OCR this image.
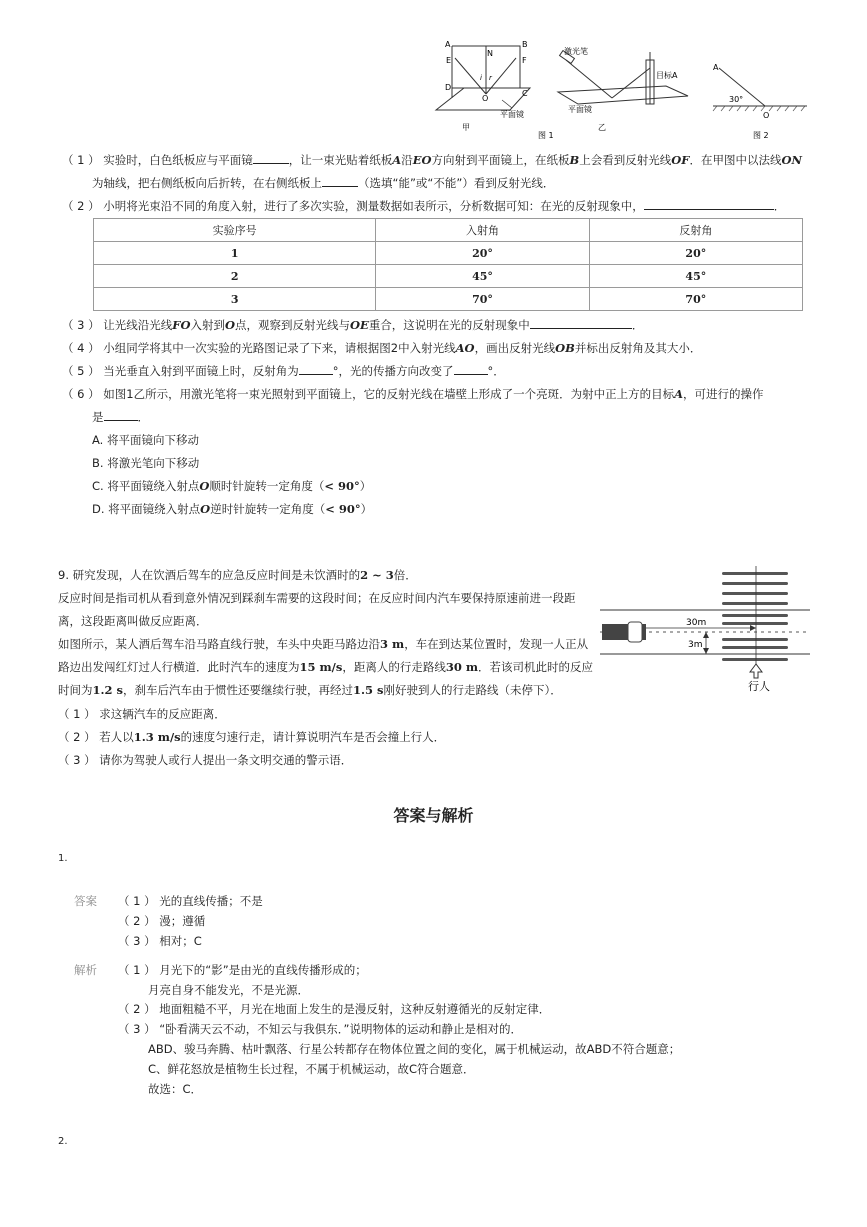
A	B
E	F
N
D
C
O
i r
平面镜
甲
激光笔
目标A
平面镜
图 1
乙
A
30°
O
图 2
（ 1 ） 实验时，白色纸板应与平面镜	，让一束光贴着纸板A沿EO方向射到平面镜上，在纸板B上会看到反射光线OF．在甲图中以法线ON
为轴线，把右侧纸板向后折转，在右侧纸板上	（选填“能”或“不能”）看到反射光线．
（ 2 ） 小明将光束沿不同的角度入射，进行了多次实验，测量数据如表所示，分析数据可知：在光的反射现象中，	．
实验序号	入射角	反射角
1	20°	20°
2	45°	45°
3	70°	70°
（ 3 ） 让光线沿光线FO入射到O点，观察到反射光线与OE重合，这说明在光的反射现象中	．
（ 4 ） 小组同学将其中一次实验的光路图记录了下来，请根据图2中入射光线AO，画出反射光线OB并标出反射角及其大小．
（ 5 ） 当光垂直入射到平面镜上时，反射角为	°，光的传播方向改变了	°．
（ 6 ） 如图1乙所示，用激光笔将一束光照射到平面镜上，它的反射光线在墙壁上形成了一个亮斑．为射中正上方的目标A，可进行的操作
是	．
A. 将平面镜向下移动
B. 将激光笔向下移动
C. 将平面镜绕入射点O顺时针旋转一定角度（< 90°）
D. 将平面镜绕入射点O逆时针旋转一定角度（< 90°）
9. 研究发现，人在饮酒后驾车的应急反应时间是未饮酒时的2 ~ 3倍．
反应时间是指司机从看到意外情况到踩刹车需要的这段时间；在反应时间内汽车要保持原速前进一段距
离，这段距离叫做反应距离．
如图所示，某人酒后驾车沿马路直线行驶，车头中央距马路边沿3 m，车在到达某位置时，发现一人正从
路边出发闯红灯过人行横道．此时汽车的速度为15 m/s，距离人的行走路线30 m．若该司机此时的反应
时间为1.2 s，刹车后汽车由于惯性还要继续行驶，再经过1.5 s刚好驶到人的行走路线（未停下）．
（ 1 ） 求这辆汽车的反应距离．
（ 2 ） 若人以1.3 m/s的速度匀速行走，请计算说明汽车是否会撞上行人．
（ 3 ） 请你为驾驶人或行人提出一条文明交通的警示语．
30m
3m
行人
答案与解析
1.
答案 （ 1 ） 光的直线传播；不是
（ 2 ） 漫；遵循
（ 3 ） 相对；C
解析 （ 1 ） 月光下的“影”是由光的直线传播形成的；
月亮自身不能发光，不是光源．
（ 2 ） 地面粗糙不平，月光在地面上发生的是漫反射，这种反射遵循光的反射定律．
（ 3 ） “卧看满天云不动，不知云与我俱东．”说明物体的运动和静止是相对的．
ABD、骏马奔腾、枯叶飘落、行星公转都存在物体位置之间的变化，属于机械运动，故ABD不符合题意；
C、鲜花怒放是植物生长过程，不属于机械运动，故C符合题意．
故选：C．
2.
